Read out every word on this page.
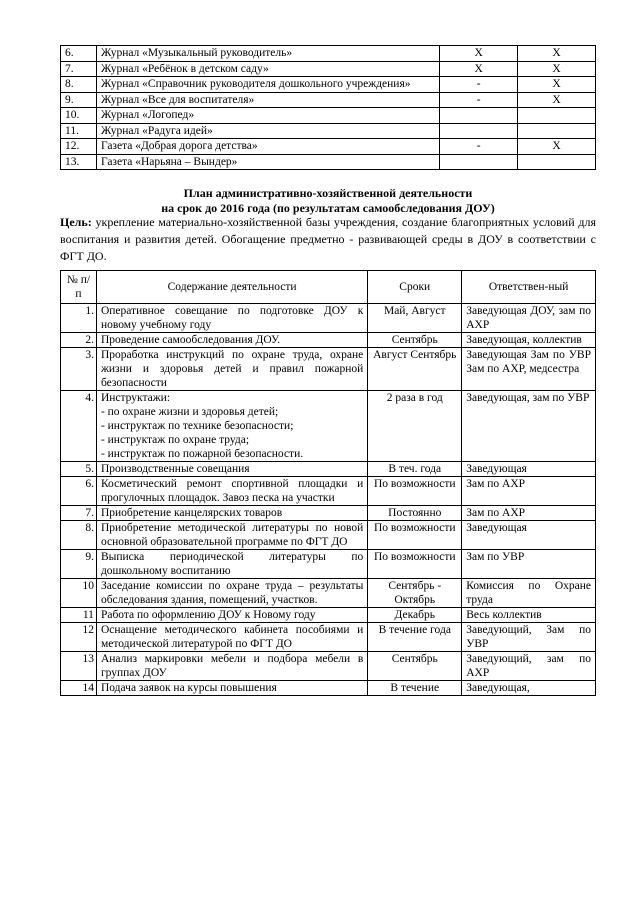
6.	Журнал «Музыкальный руководитель»	Х	Х
7.	Журнал «Ребёнок в детском саду»	Х	Х
8.	Журнал «Справочник руководителя дошкольного учреждения»	-	Х
9.	Журнал «Все для воспитателя»	-	Х
10.	Журнал «Логопед»		
11.	Журнал «Радуга идей»		
12.	Газета «Добрая дорога детства»	-	Х
13.	Газета «Нарьяна – Вындер»		
План административно-хозяйственной деятельности
на срок до 2016 года (по результатам самообследования ДОУ)
Цель: укрепление материально-хозяйственной базы учреждения, создание благоприятных условий для воспитания и развития детей. Обогащение предметно - развивающей среды в ДОУ в соответствии с ФГТ ДО.
№ п/п	Содержание деятельности	Сроки	Ответствен-ный
1.	Оперативное совещание по подготовке ДОУ к новому учебному году	Май, Август	Заведующая ДОУ, зам по АХР
2.	Проведение самообследования ДОУ.	Сентябрь	Заведующая, коллектив
3.	Проработка инструкций по охране труда, охране жизни и здоровья детей и правил пожарной безопасности	Август Сентябрь	Заведующая Зам по УВР Зам по АХР, медсестра
4.	Инструктажи:
- по охране жизни и здоровья детей;
- инструктаж по технике безопасности;
- инструктаж по охране труда;
- инструктаж по пожарной безопасности.	2 раза в год	Заведующая, зам по УВР
5.	Производственные совещания	В теч. года	Заведующая
6.	Косметический ремонт спортивной площадки и прогулочных площадок. Завоз песка на участки	По возможности	Зам по АХР
7.	Приобретение канцелярских товаров	Постоянно	Зам по АХР
8.	Приобретение методической литературы по новой основной образовательной программе по ФГТ ДО	По возможности	Заведующая
9.	Выписка периодической литературы по дошкольному воспитанию	По возможности	Зам по УВР
10	Заседание комиссии по охране труда – результаты обследования здания, помещений, участков.	Сентябрь - Октябрь	Комиссия по Охране труда
11	Работа по оформлению ДОУ к Новому году	Декабрь	Весь коллектив
12	Оснащение методического кабинета пособиями и методической литературой по ФГТ ДО	В течение года	Заведующий, Зам по УВР
13	Анализ маркировки мебели и подбора мебели в группах ДОУ	Сентябрь	Заведующий, зам по АХР
14	Подача заявок на курсы повышения	В течение	Заведующая,
